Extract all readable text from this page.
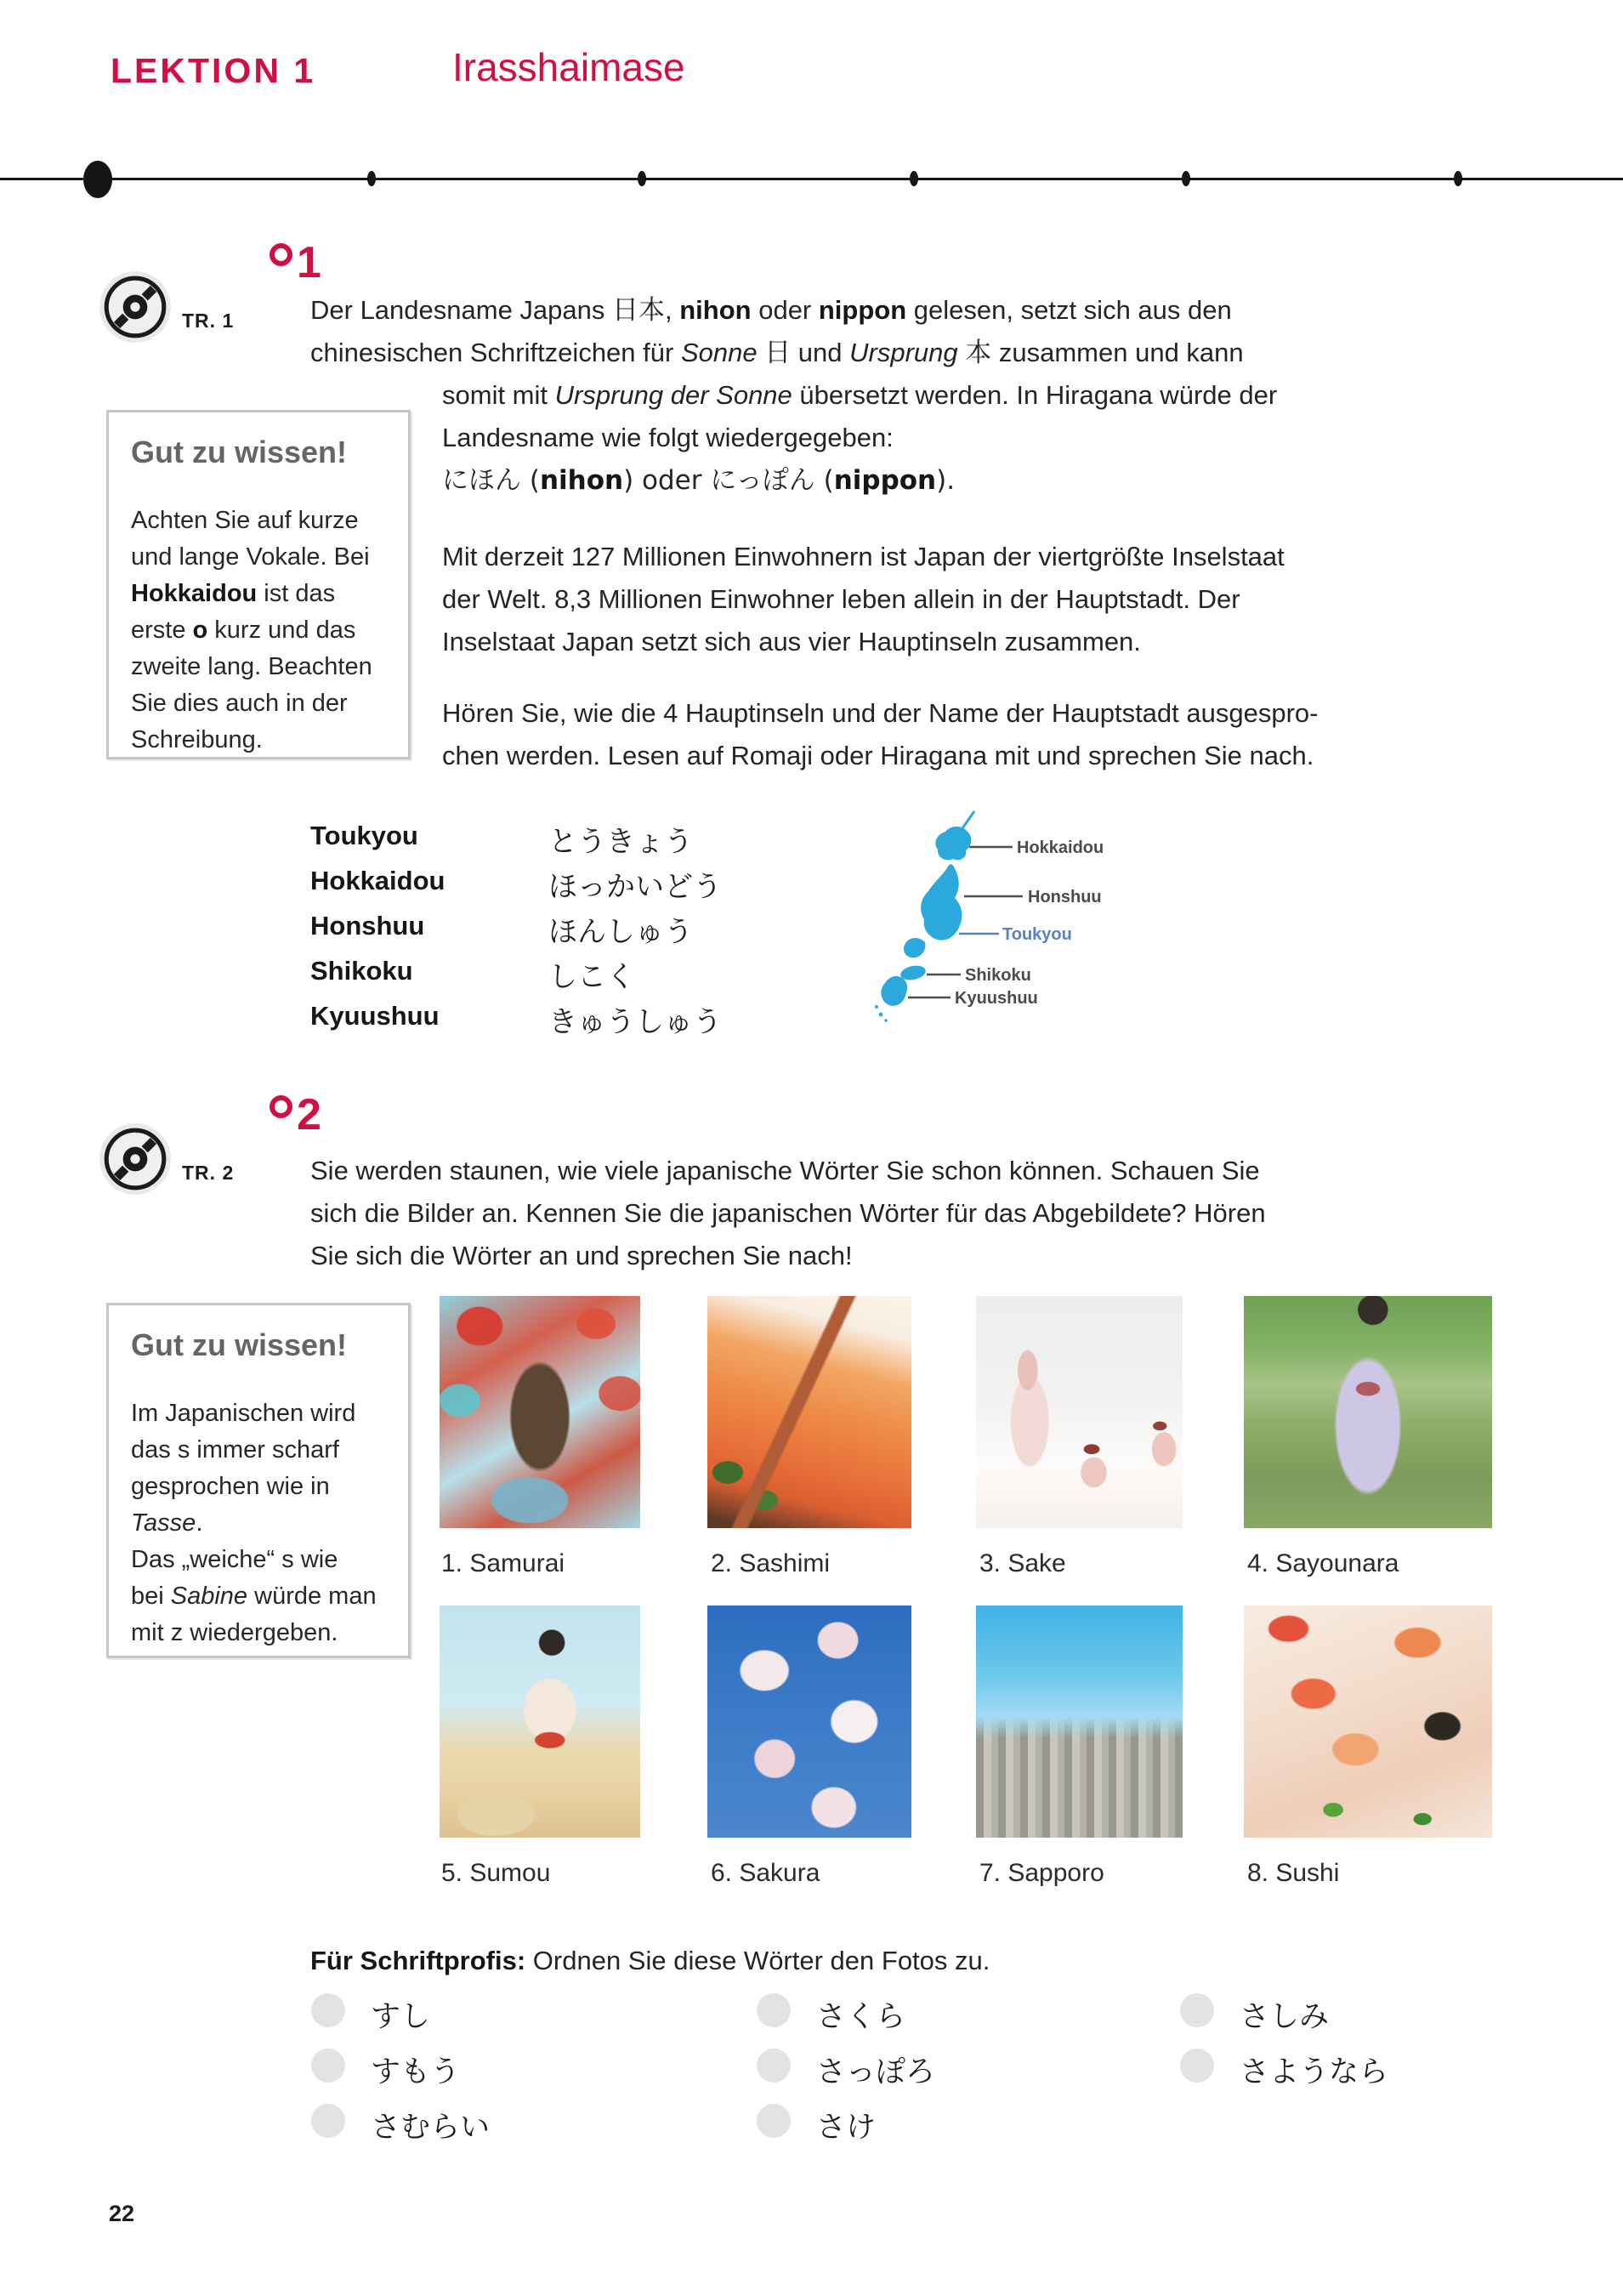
LEKTION 1	Irasshaimase
1
TR. 1	Der Landesname Japans 日本, nihon oder nippon gelesen, setzt sich aus den
chinesischen Schriftzeichen für Sonne 日 und Ursprung 本 zusammen und kann
somit mit Ursprung der Sonne übersetzt werden. In Hiragana würde der
Landesname wie folgt wiedergegeben:
にほん (nihon) oder にっぽん (nippon).
Gut zu wissen!
Achten Sie auf kurze
und lange Vokale. Bei
Hokkaidou ist das
erste o kurz und das
zweite lang. Beachten
Sie dies auch in der
Schreibung.
Mit derzeit 127 Millionen Einwohnern ist Japan der viertgrößte Inselstaat
der Welt. 8,3 Millionen Einwohner leben allein in der Hauptstadt. Der
Inselstaat Japan setzt sich aus vier Hauptinseln zusammen.
Hören Sie, wie die 4 Hauptinseln und der Name der Hauptstadt ausgespro-
chen werden. Lesen auf Romaji oder Hiragana mit und sprechen Sie nach.
Toukyou	とうきょう
Hokkaidou	ほっかいどう
Honshuu	ほんしゅう
Shikoku	しこく
Kyuushuu	きゅうしゅう
Hokkaidou
Honshuu
Toukyou
Shikoku
Kyuushuu
2
TR. 2	Sie werden staunen, wie viele japanische Wörter Sie schon können. Schauen Sie
sich die Bilder an. Kennen Sie die japanischen Wörter für das Abgebildete? Hören
Sie sich die Wörter an und sprechen Sie nach!
Gut zu wissen!
Im Japanischen wird
das s immer scharf
gesprochen wie in
Tasse.
Das „weiche“ s wie
bei Sabine würde man
mit z wiedergeben.
1. Samurai	2. Sashimi	3. Sake	4. Sayounara
5. Sumou	6. Sakura	7. Sapporo	8. Sushi
Für Schriftprofis: Ordnen Sie diese Wörter den Fotos zu.
すし
すもう
さむらい
さくら
さっぽろ
さけ
さしみ
さようなら
22
